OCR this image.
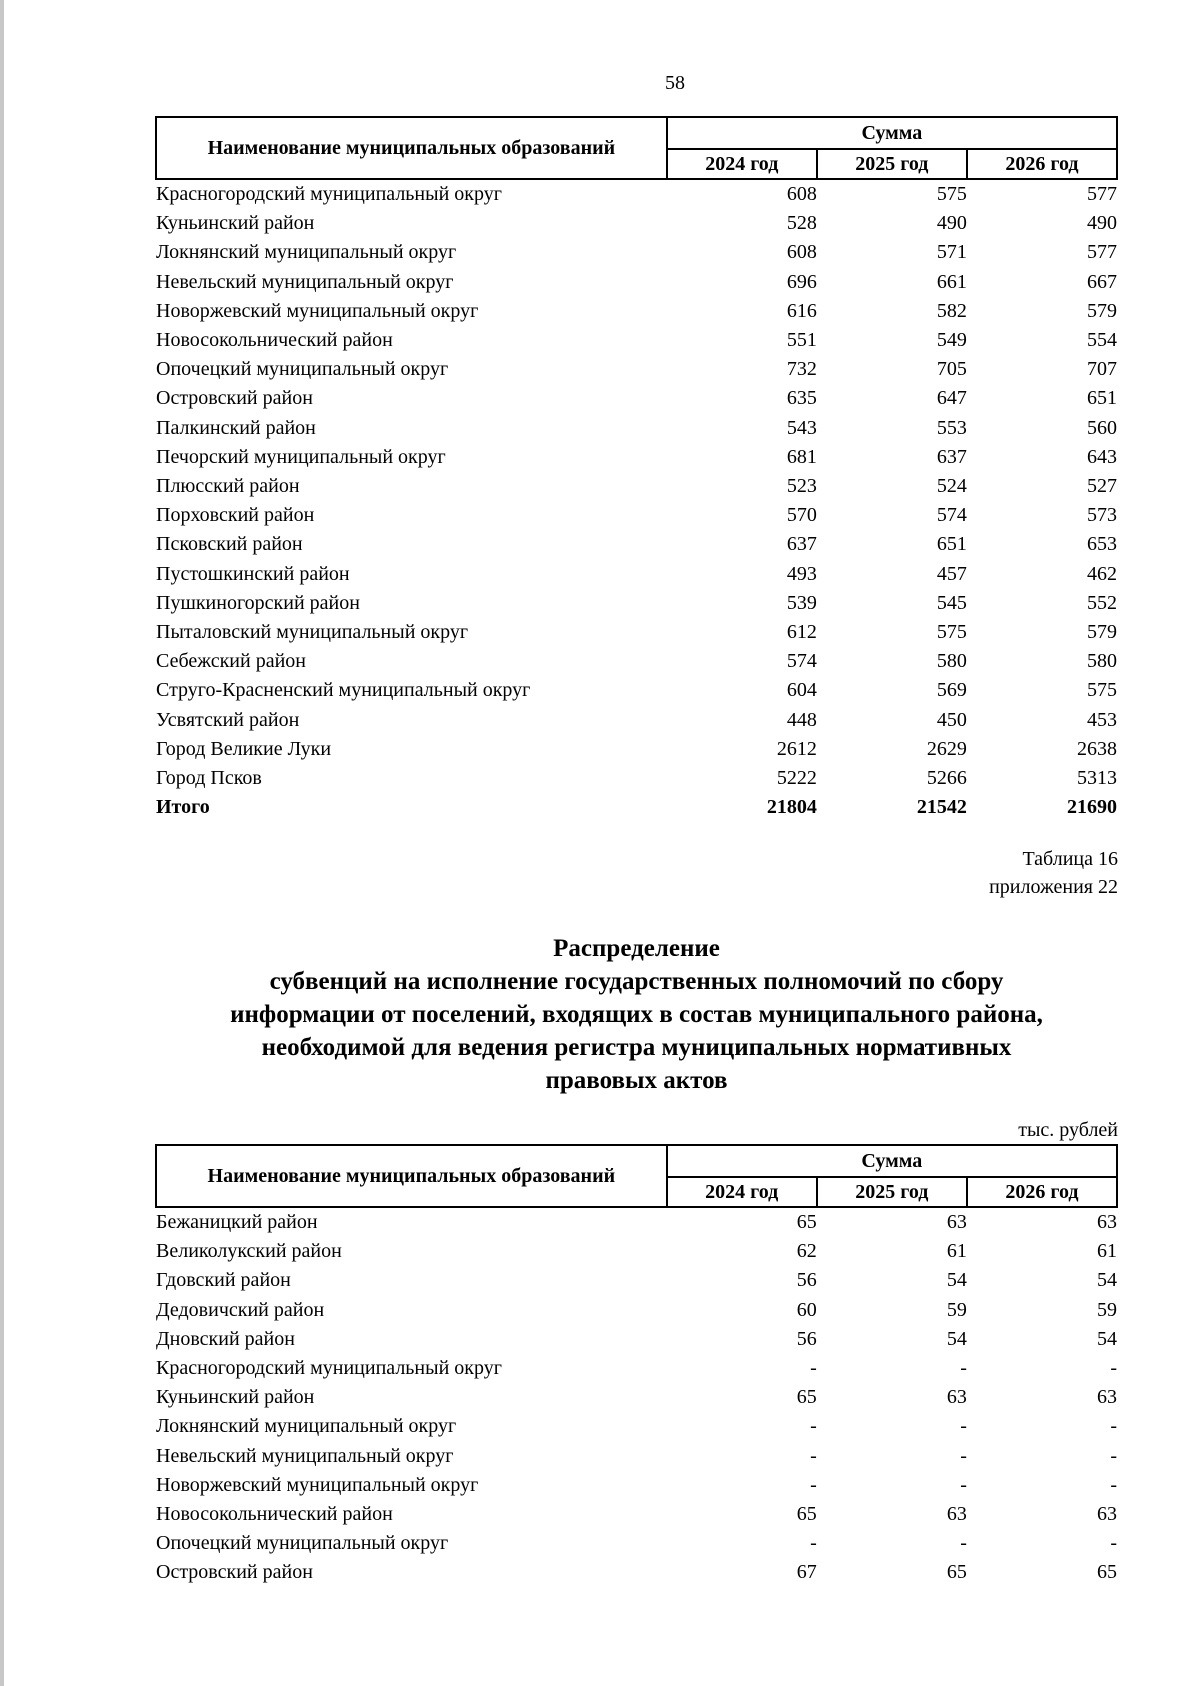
58
Наименование муниципальных образований	Сумма		
	2024 год	2025 год	2026 год
Красногородский муниципальный округ	608	575	577
Куньинский район	528	490	490
Локнянский муниципальный округ	608	571	577
Невельский муниципальный округ	696	661	667
Новоржевский муниципальный округ	616	582	579
Новосокольнический район	551	549	554
Опочецкий муниципальный округ	732	705	707
Островский район	635	647	651
Палкинский район	543	553	560
Печорский муниципальный округ	681	637	643
Плюсский район	523	524	527
Порховский район	570	574	573
Псковский район	637	651	653
Пустошкинский район	493	457	462
Пушкиногорский район	539	545	552
Пыталовский муниципальный округ	612	575	579
Себежский район	574	580	580
Струго-Красненский муниципальный округ	604	569	575
Усвятский район	448	450	453
Город Великие Луки	2612	2629	2638
Город Псков	5222	5266	5313
Итого	21804	21542	21690
Таблица 16
приложения 22
Распределение
субвенций на исполнение государственных полномочий по сбору
информации от поселений, входящих в состав муниципального района,
необходимой для ведения регистра муниципальных нормативных
правовых актов
тыс. рублей
Наименование муниципальных образований	Сумма		
	2024 год	2025 год	2026 год
Бежаницкий район	65	63	63
Великолукский район	62	61	61
Гдовский район	56	54	54
Дедовичский район	60	59	59
Дновский район	56	54	54
Красногородский муниципальный округ	-	-	-
Куньинский район	65	63	63
Локнянский муниципальный округ	-	-	-
Невельский муниципальный округ	-	-	-
Новоржевский муниципальный округ	-	-	-
Новосокольнический район	65	63	63
Опочецкий муниципальный округ	-	-	-
Островский район	67	65	65
